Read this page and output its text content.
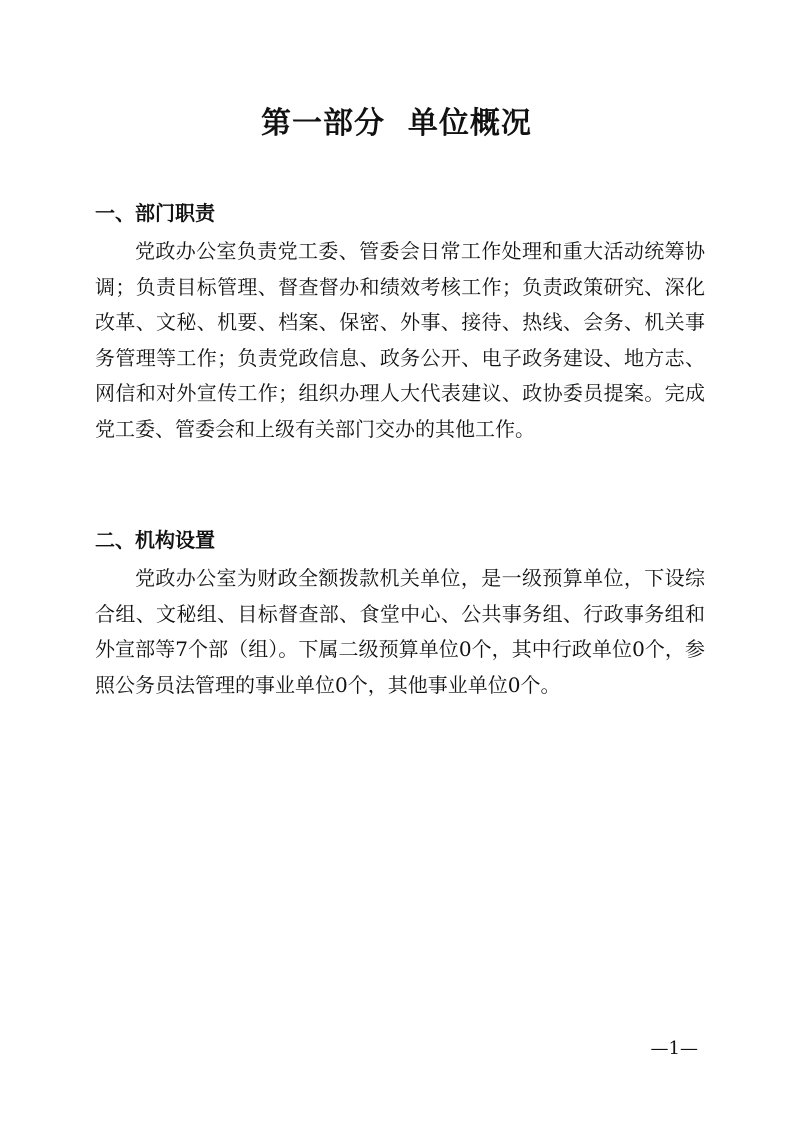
第一部分  单位概况
一、部门职责

党政办公室负责党工委、管委会日常工作处理和重大活动统筹协调；负责目标管理、督查督办和绩效考核工作；负责政策研究、深化改革、文秘、机要、档案、保密、外事、接待、热线、会务、机关事务管理等工作；负责党政信息、政务公开、电子政务建设、地方志、网信和对外宣传工作；组织办理人大代表建议、政协委员提案。完成党工委、管委会和上级有关部门交办的其他工作。

二、机构设置

党政办公室为财政全额拨款机关单位，是一级预算单位，下设综合组、文秘组、目标督查部、食堂中心、公共事务组、行政事务组和外宣部等7个部（组）。下属二级预算单位0个，其中行政单位0个，参照公务员法管理的事业单位0个，其他事业单位0个。

—1—
